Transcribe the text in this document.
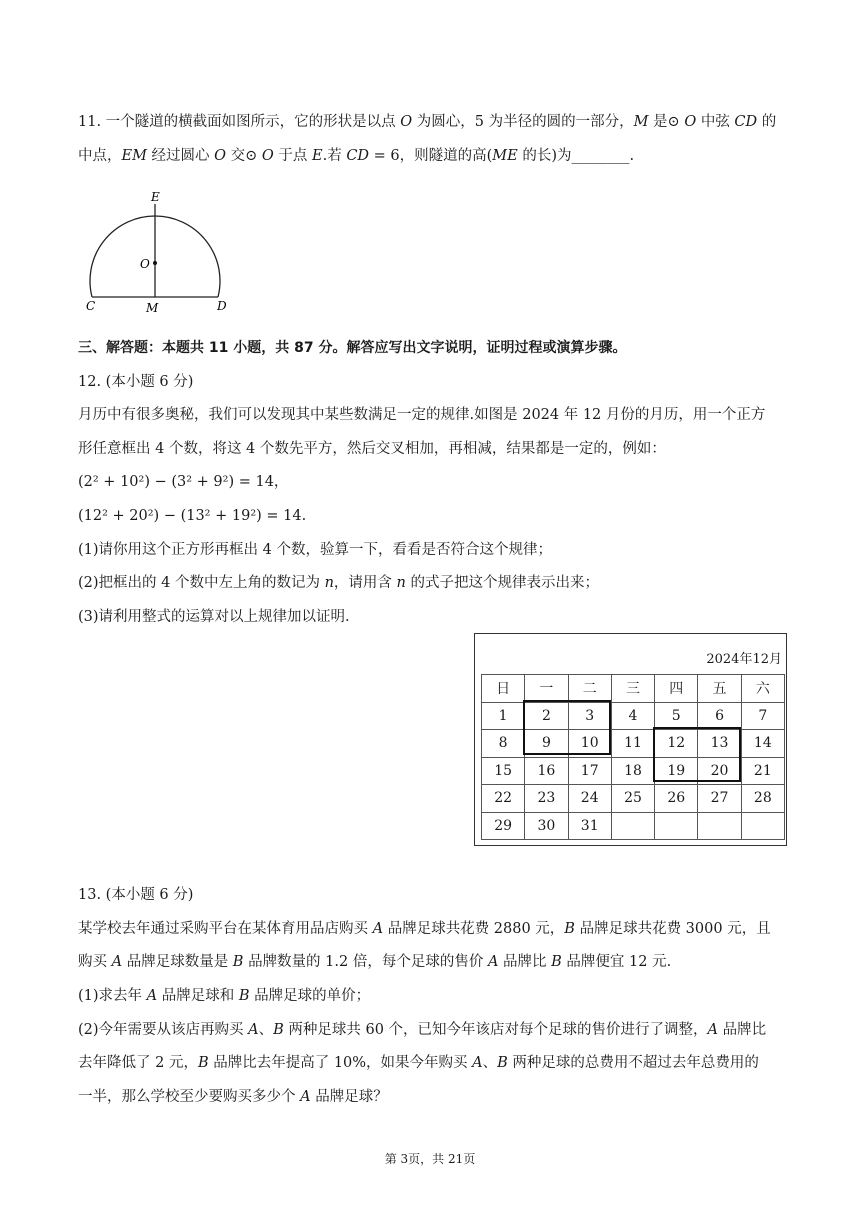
11. 一个隧道的横截面如图所示，它的形状是以点 𝑂 为圆心，5 为半径的圆的一部分，𝑀 是⊙ 𝑂 中弦 𝐶𝐷 的
中点，𝐸𝑀 经过圆心 𝑂 交⊙ 𝑂 于点 𝐸.若 𝐶𝐷 = 6，则隧道的高(𝑀𝐸 的长)为________.
E
O
C	M	D
三、解答题：本题共 11 小题，共 87 分。解答应写出文字说明，证明过程或演算步骤。
12. (本小题 6 分)
月历中有很多奥秘，我们可以发现其中某些数满足一定的规律.如图是 2024 年 12 月份的月历，用一个正方
形任意框出 4 个数，将这 4 个数先平方，然后交叉相加，再相减，结果都是一定的，例如：
(2² + 10²) − (3² + 9²) = 14，
(12² + 20²) − (13² + 19²) = 14.
(1)请你用这个正方形再框出 4 个数，验算一下，看看是否符合这个规律；
(2)把框出的 4 个数中左上角的数记为 𝑛，请用含 𝑛 的式子把这个规律表示出来；
(3)请利用整式的运算对以上规律加以证明.
2024年12月
日	一	二	三	四	五	六
1	2	3	4	5	6	7
8	9	10	11	12	13	14
15	16	17	18	19	20	21
22	23	24	25	26	27	28
29	30	31				
13. (本小题 6 分)
某学校去年通过采购平台在某体育用品店购买 𝐴 品牌足球共花费 2880 元，𝐵 品牌足球共花费 3000 元，且
购买 𝐴 品牌足球数量是 𝐵 品牌数量的 1.2 倍，每个足球的售价 𝐴 品牌比 𝐵 品牌便宜 12 元.
(1)求去年 𝐴 品牌足球和 𝐵 品牌足球的单价；
(2)今年需要从该店再购买 𝐴、𝐵 两种足球共 60 个，已知今年该店对每个足球的售价进行了调整，𝐴 品牌比
去年降低了 2 元，𝐵 品牌比去年提高了 10%，如果今年购买 𝐴、𝐵 两种足球的总费用不超过去年总费用的
一半，那么学校至少要购买多少个 𝐴 品牌足球？
第 3页，共 21页
